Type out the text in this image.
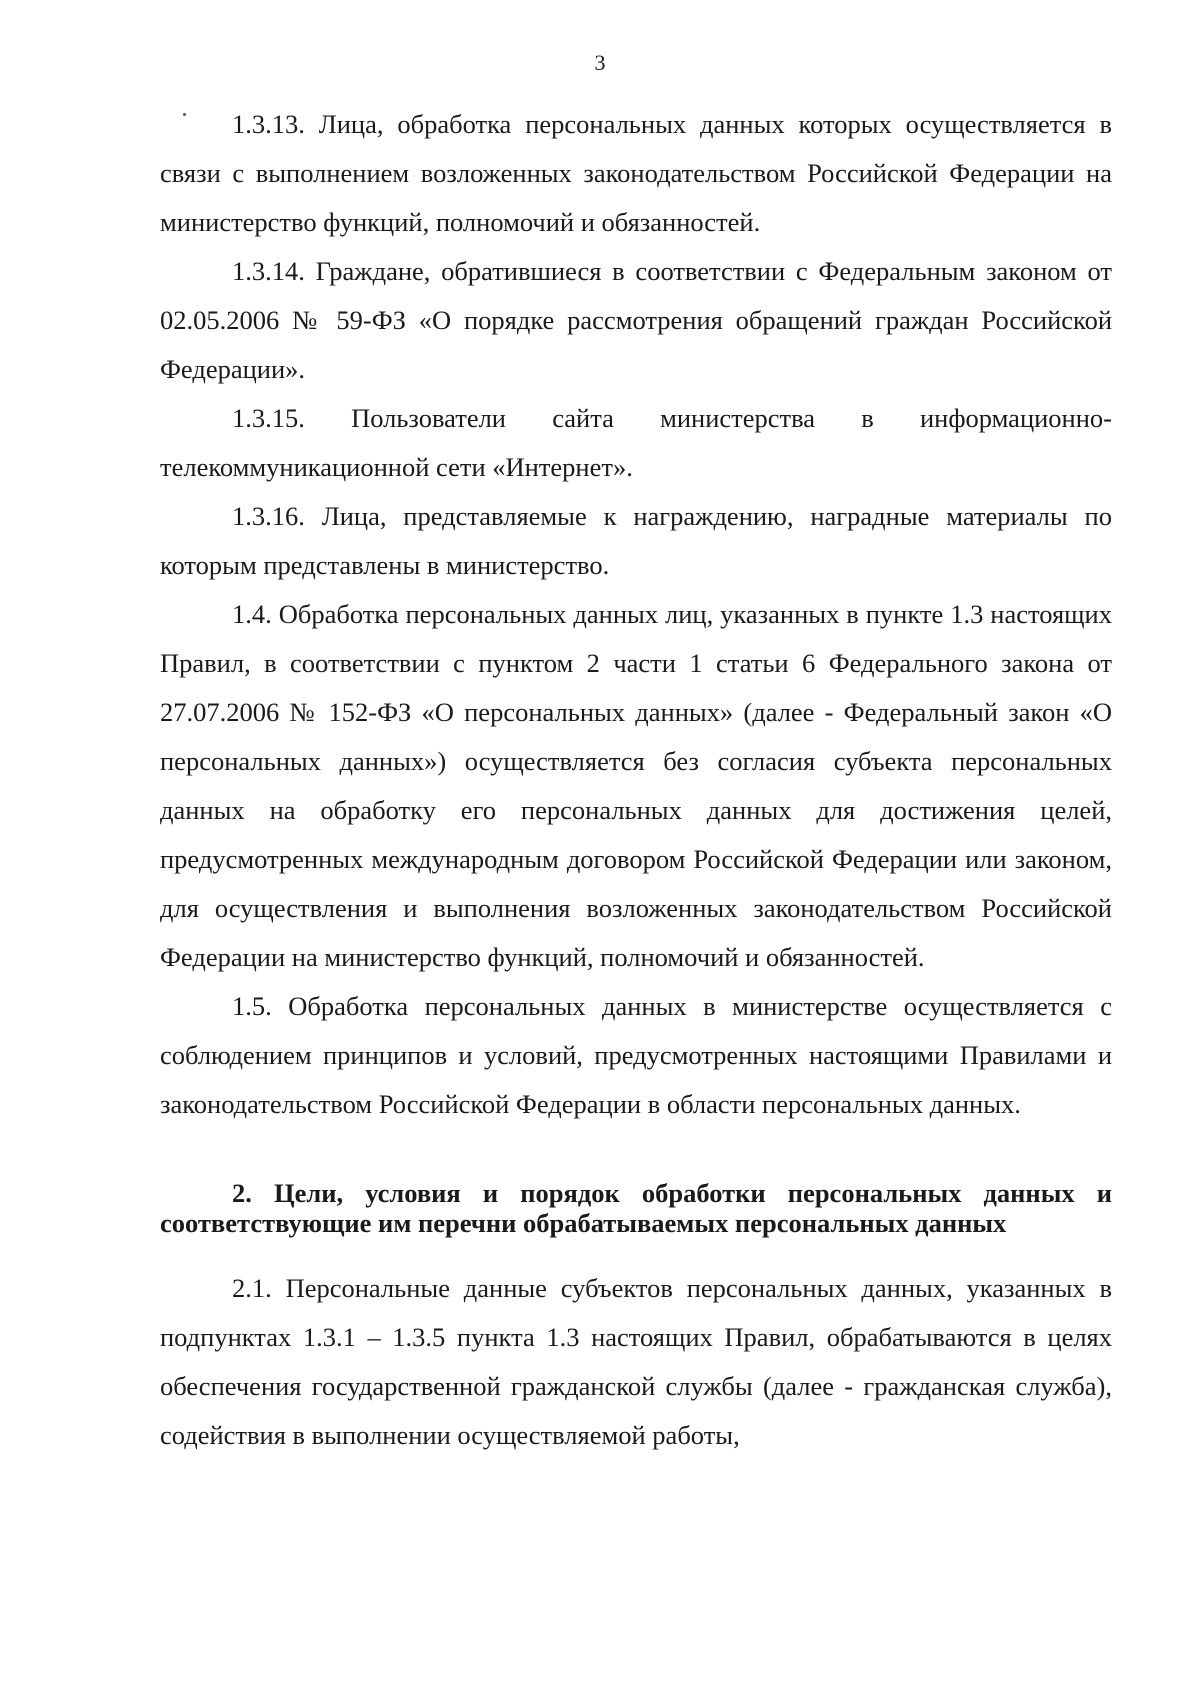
3

1.3.13. Лица, обработка персональных данных которых осуществляется в связи с выполнением возложенных законодательством Российской Федерации на министерство функций, полномочий и обязанностей.

1.3.14. Граждане, обратившиеся в соответствии с Федеральным законом от 02.05.2006 № 59-ФЗ «О порядке рассмотрения обращений граждан Российской Федерации».

1.3.15. Пользователи сайта министерства в информационно-телекоммуникационной сети «Интернет».

1.3.16. Лица, представляемые к награждению, наградные материалы по которым представлены в министерство.

1.4. Обработка персональных данных лиц, указанных в пункте 1.3 настоящих Правил, в соответствии с пунктом 2 части 1 статьи 6 Федерального закона от 27.07.2006 № 152-ФЗ «О персональных данных» (далее - Федеральный закон «О персональных данных») осуществляется без согласия субъекта персональных данных на обработку его персональных данных для достижения целей, предусмотренных международным договором Российской Федерации или законом, для осуществления и выполнения возложенных законодательством Российской Федерации на министерство функций, полномочий и обязанностей.

1.5. Обработка персональных данных в министерстве осуществляется с соблюдением принципов и условий, предусмотренных настоящими Правилами и законодательством Российской Федерации в области персональных данных.

2. Цели, условия и порядок обработки персональных данных и соответствующие им перечни обрабатываемых персональных данных

2.1. Персональные данные субъектов персональных данных, указанных в подпунктах 1.3.1 – 1.3.5 пункта 1.3 настоящих Правил, обрабатываются в целях обеспечения государственной гражданской службы (далее - гражданская служба), содействия в выполнении осуществляемой работы,
